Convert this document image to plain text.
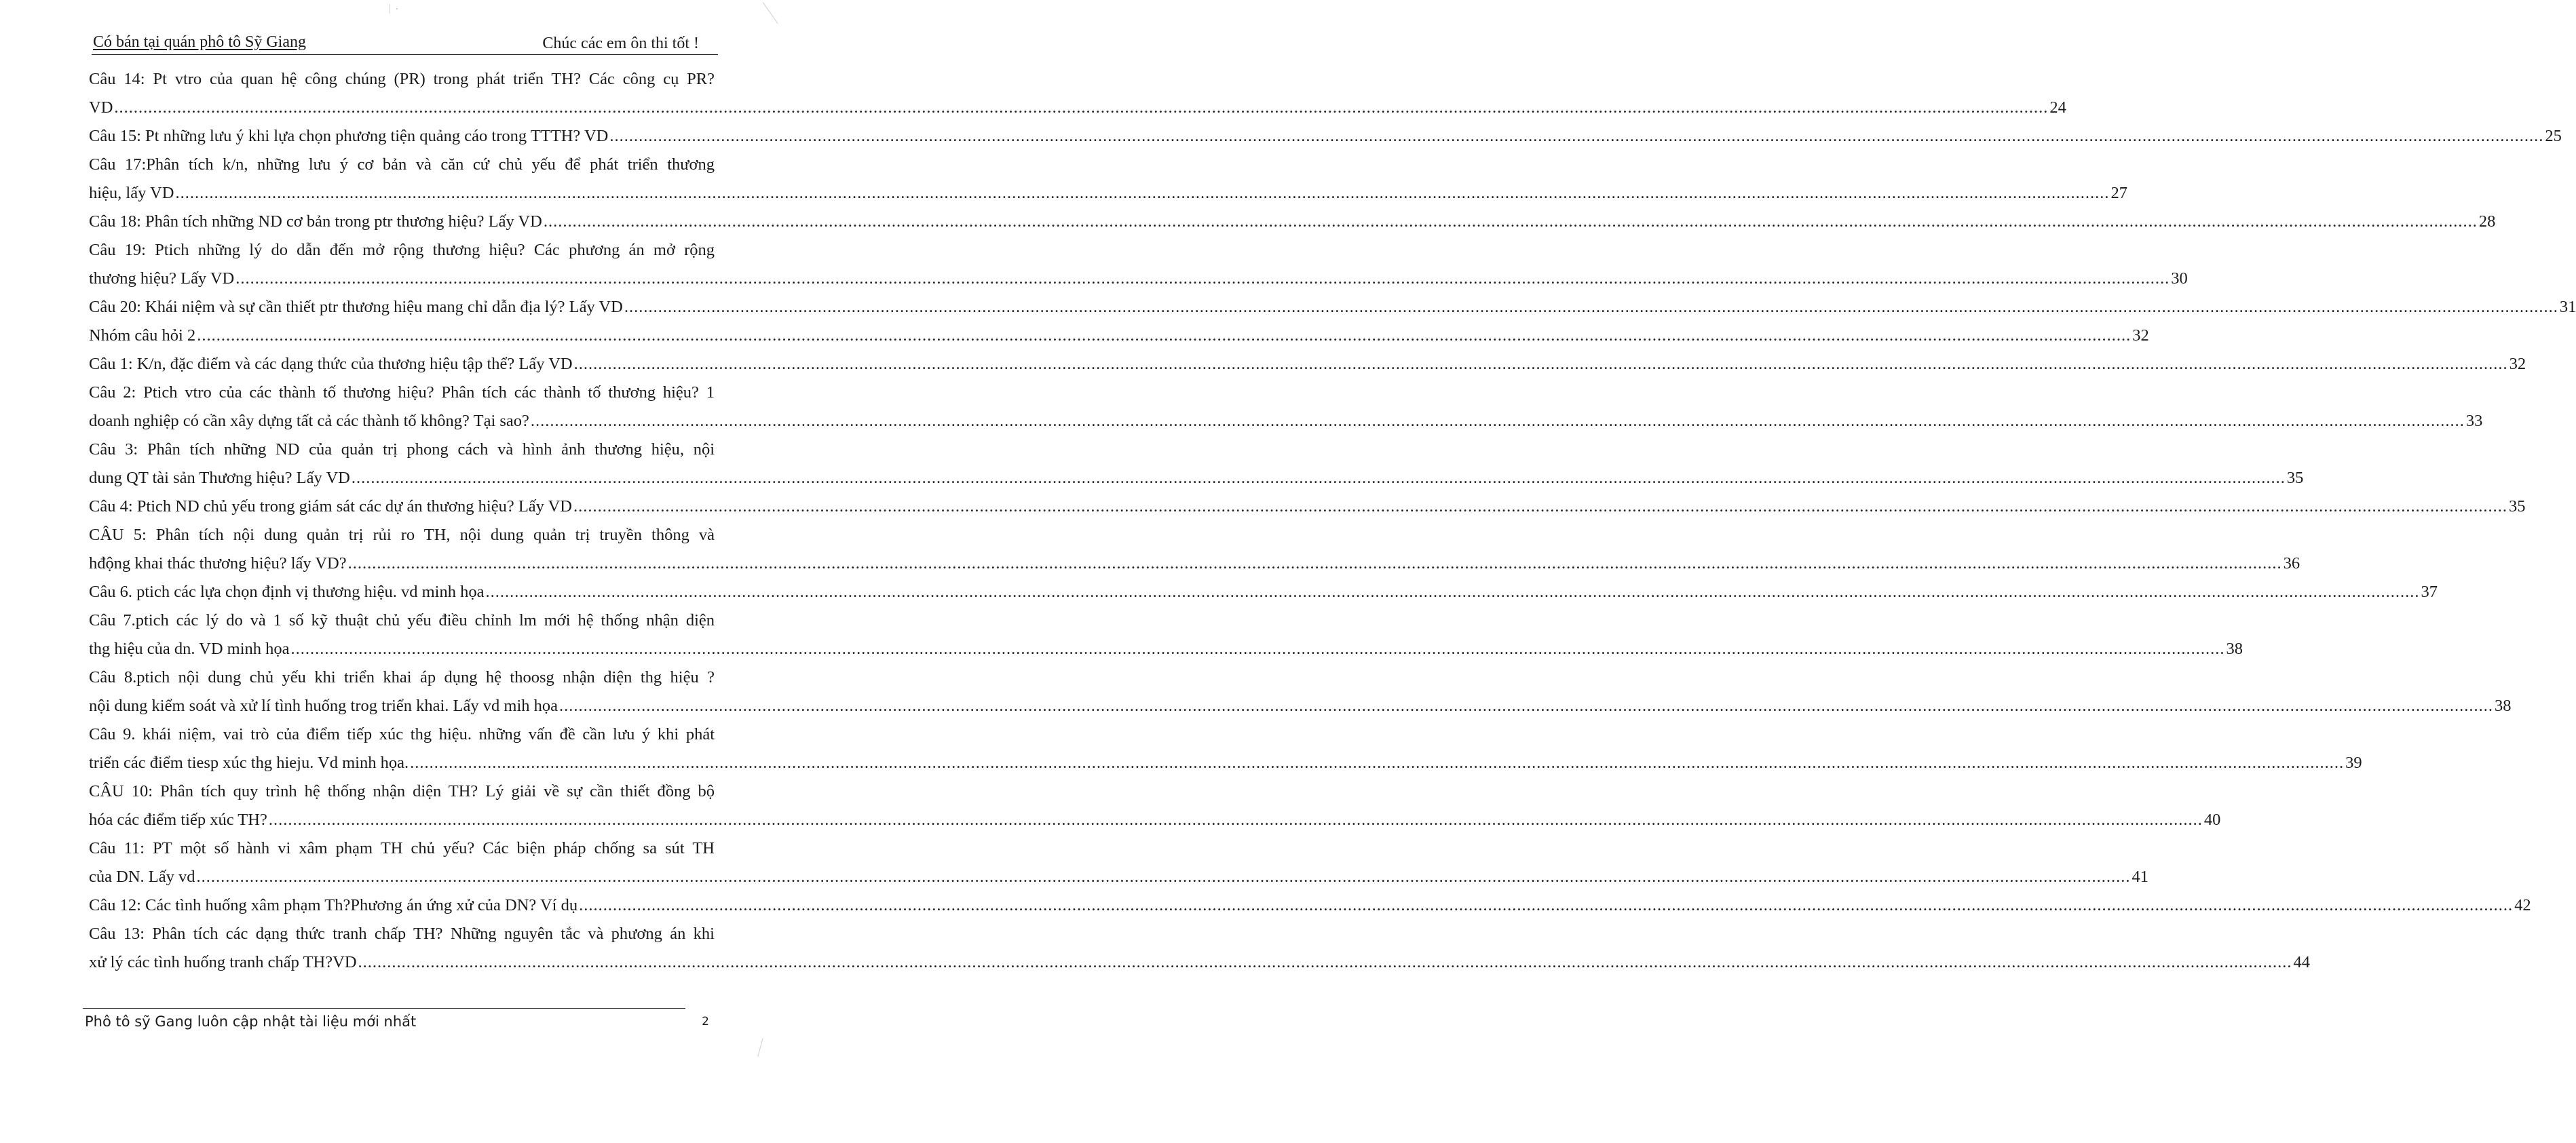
Có bán tại quán phô tô Sỹ Giang	Chúc các em ôn thi tốt !
Câu 14: Pt vtro của quan hệ công chúng (PR) trong phát triển TH? Các công cụ PR?
VD ................................................................................................................................................................................................................................................................................................................................................................................................................ 24
Câu 15: Pt những lưu ý khi lựa chọn phương tiện quảng cáo trong TTTH? VD ................................................................................................................................................................................................................................................................................................................................................................................................................ 25
Câu 17:Phân tích k/n, những lưu ý cơ bản và căn cứ chủ yếu để phát triển thương
hiệu, lấy VD ................................................................................................................................................................................................................................................................................................................................................................................................................ 27
Câu 18: Phân tích những ND cơ bản trong ptr thương hiệu? Lấy VD ................................................................................................................................................................................................................................................................................................................................................................................................................ 28
Câu 19: Ptich những lý do dẫn đến mở rộng thương hiệu? Các phương án mở rộng
thương hiệu? Lấy VD ................................................................................................................................................................................................................................................................................................................................................................................................................ 30
Câu 20: Khái niệm và sự cần thiết ptr thương hiệu mang chỉ dẫn địa lý? Lấy VD ................................................................................................................................................................................................................................................................................................................................................................................................................ 31
Nhóm câu hỏi 2 ................................................................................................................................................................................................................................................................................................................................................................................................................ 32
Câu 1: K/n, đặc điểm và các dạng thức của thương hiệu tập thể? Lấy VD ................................................................................................................................................................................................................................................................................................................................................................................................................ 32
Câu 2: Ptich vtro của các thành tố thương hiệu? Phân tích các thành tố thương hiệu? 1
doanh nghiệp có cần xây dựng tất cả các thành tố không? Tại sao? ................................................................................................................................................................................................................................................................................................................................................................................................................ 33
Câu 3: Phân tích những ND của quản trị phong cách và hình ảnh thương hiệu, nội
dung QT tài sản Thương hiệu? Lấy VD ................................................................................................................................................................................................................................................................................................................................................................................................................ 35
Câu 4: Ptich ND chủ yếu trong giám sát các dự án thương hiệu? Lấy VD ................................................................................................................................................................................................................................................................................................................................................................................................................ 35
CÂU 5: Phân tích nội dung quản trị rủi ro TH, nội dung quản trị truyền thông và
hđộng khai thác thương hiệu? lấy VD? ................................................................................................................................................................................................................................................................................................................................................................................................................ 36
Câu 6. ptich các lựa chọn định vị thương hiệu. vd minh họa ................................................................................................................................................................................................................................................................................................................................................................................................................ 37
Câu 7.ptich các lý do và 1 số kỹ thuật chủ yếu điều chỉnh lm mới hệ thống nhận diện
thg hiệu của dn. VD minh họa ................................................................................................................................................................................................................................................................................................................................................................................................................ 38
Câu 8.ptich nội dung chủ yếu khi triển khai áp dụng hệ thoosg nhận diện thg hiệu ?
nội dung kiểm soát và xử lí tình huống trog triển khai. Lấy vd mih họa ................................................................................................................................................................................................................................................................................................................................................................................................................ 38
Câu 9. khái niệm, vai trò của điểm tiếp xúc thg hiệu. những vấn đề cần lưu ý khi phát
triển các điểm tiesp xúc thg hieju. Vd minh họa. ................................................................................................................................................................................................................................................................................................................................................................................................................ 39
CÂU 10: Phân tích quy trình hệ thống nhận diện TH? Lý giải về sự cần thiết đồng bộ
hóa các điểm tiếp xúc TH? ................................................................................................................................................................................................................................................................................................................................................................................................................ 40
Câu 11: PT một số hành vi xâm phạm TH chủ yếu? Các biện pháp chống sa sút TH
của DN. Lấy vd ................................................................................................................................................................................................................................................................................................................................................................................................................ 41
Câu 12: Các tình huống xâm phạm Th?Phương án ứng xử của DN? Ví dụ ................................................................................................................................................................................................................................................................................................................................................................................................................ 42
Câu 13: Phân tích các dạng thức tranh chấp TH? Những nguyên tắc và phương án khi
xử lý các tình huống tranh chấp TH?VD ................................................................................................................................................................................................................................................................................................................................................................................................................ 44
Phô tô sỹ Gang luôn cập nhật tài liệu mới nhất	2
